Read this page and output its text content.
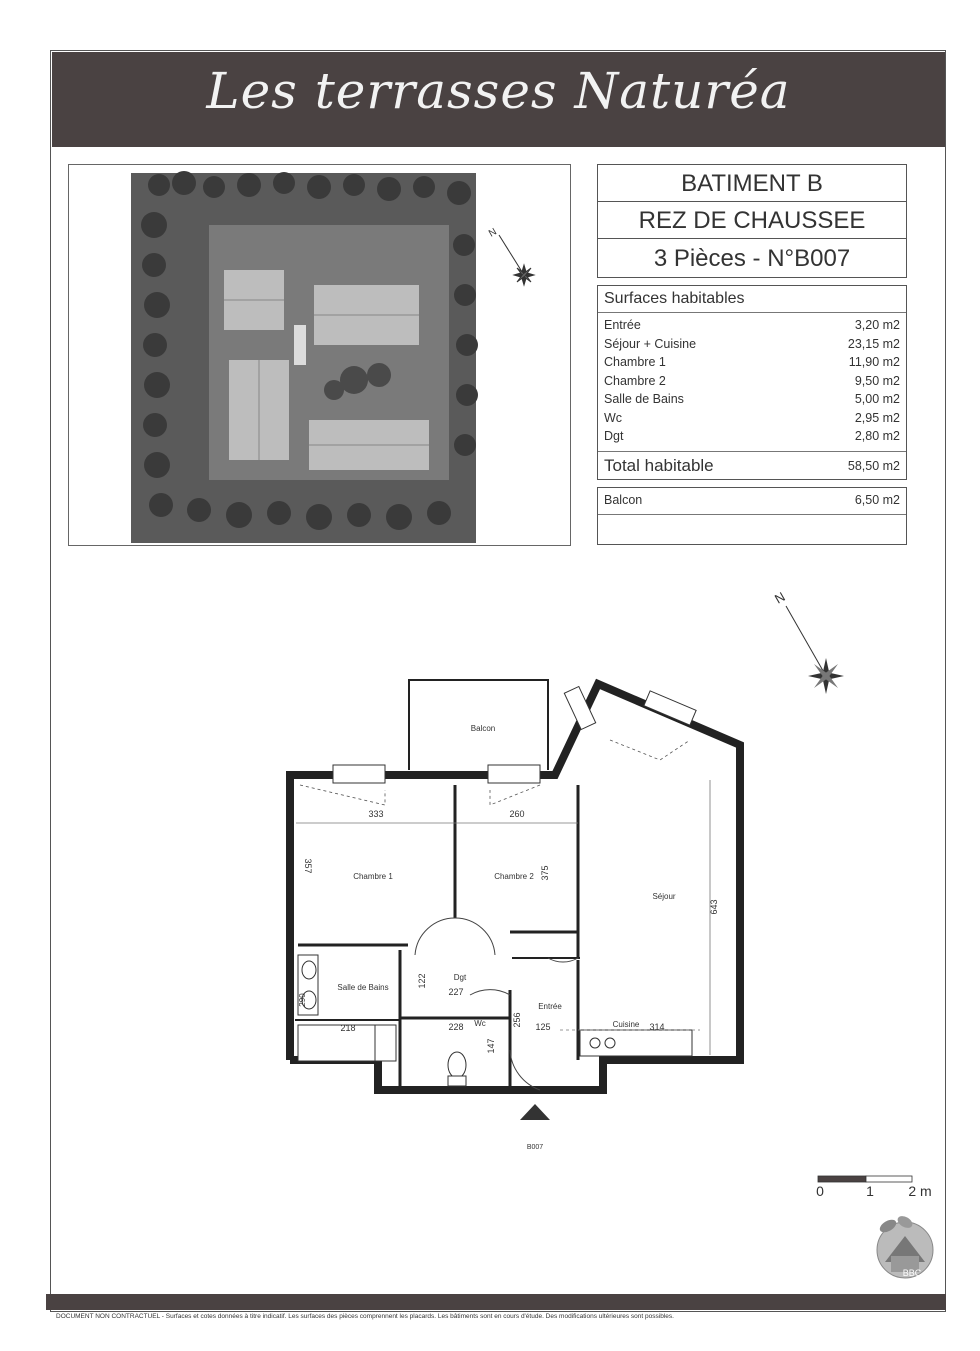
Les terrasses Naturéa
N
BATIMENT B
REZ DE CHAUSSEE
3 Pièces - N°B007
Surfaces habitables
Entrée	3,20 m2
Séjour + Cuisine	23,15 m2
Chambre 1	11,90 m2
Chambre 2	9,50 m2
Salle de Bains	5,00 m2
Wc	2,95 m2
Dgt	2,80 m2
Total habitable	58,50 m2
Balcon	6,50 m2
N
Balcon
Chambre 1	Chambre 2
Séjour
Salle de Bains
Dgt
Wc
Entrée
Cuisine
333	260
357	375
643
122
227
218	228	256 125
147
314
290
B007
0	1 2 m
BBC
DOCUMENT NON CONTRACTUEL - Surfaces et cotes données à titre indicatif. Les surfaces des pièces comprennent les placards. Les bâtiments sont en cours d'étude. Des modifications ultérieures sont possibles.
